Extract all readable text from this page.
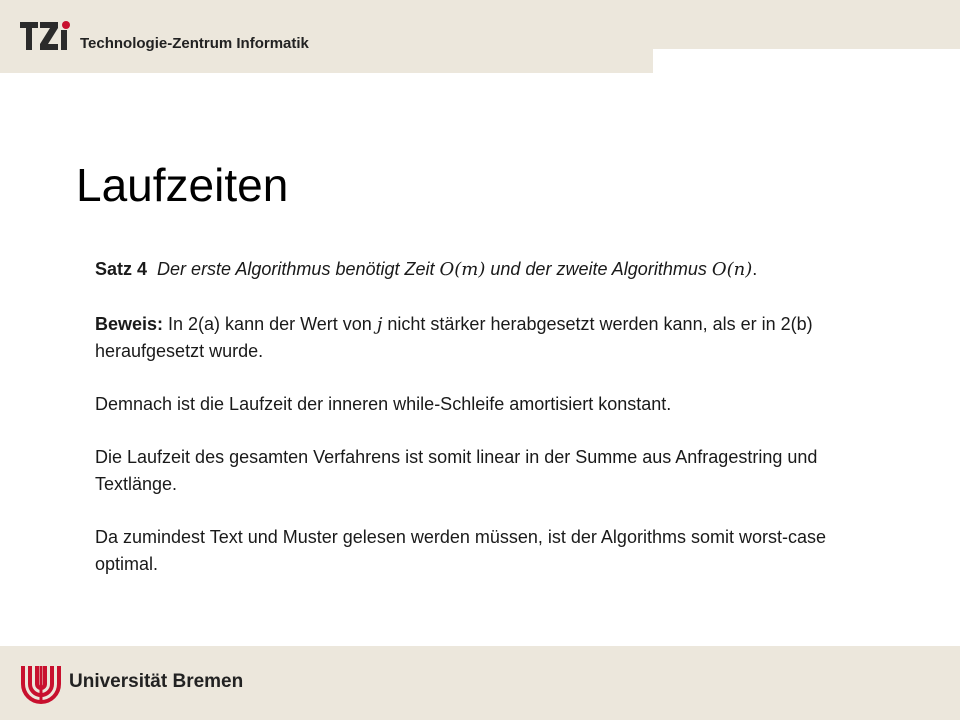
Technologie-Zentrum Informatik
Laufzeiten

Satz 4 Der erste Algorithmus benötigt Zeit O(m) und der zweite Algorithmus O(n).

Beweis: In 2(a) kann der Wert von j nicht stärker herabgesetzt werden kann, als er in 2(b) heraufgesetzt wurde.

Demnach ist die Laufzeit der inneren while-Schleife amortisiert konstant.

Die Laufzeit des gesamten Verfahrens ist somit linear in der Summe aus Anfragestring und Textlänge.

Da zumindest Text und Muster gelesen werden müssen, ist der Algorithms somit worst-case optimal.

Universität Bremen
